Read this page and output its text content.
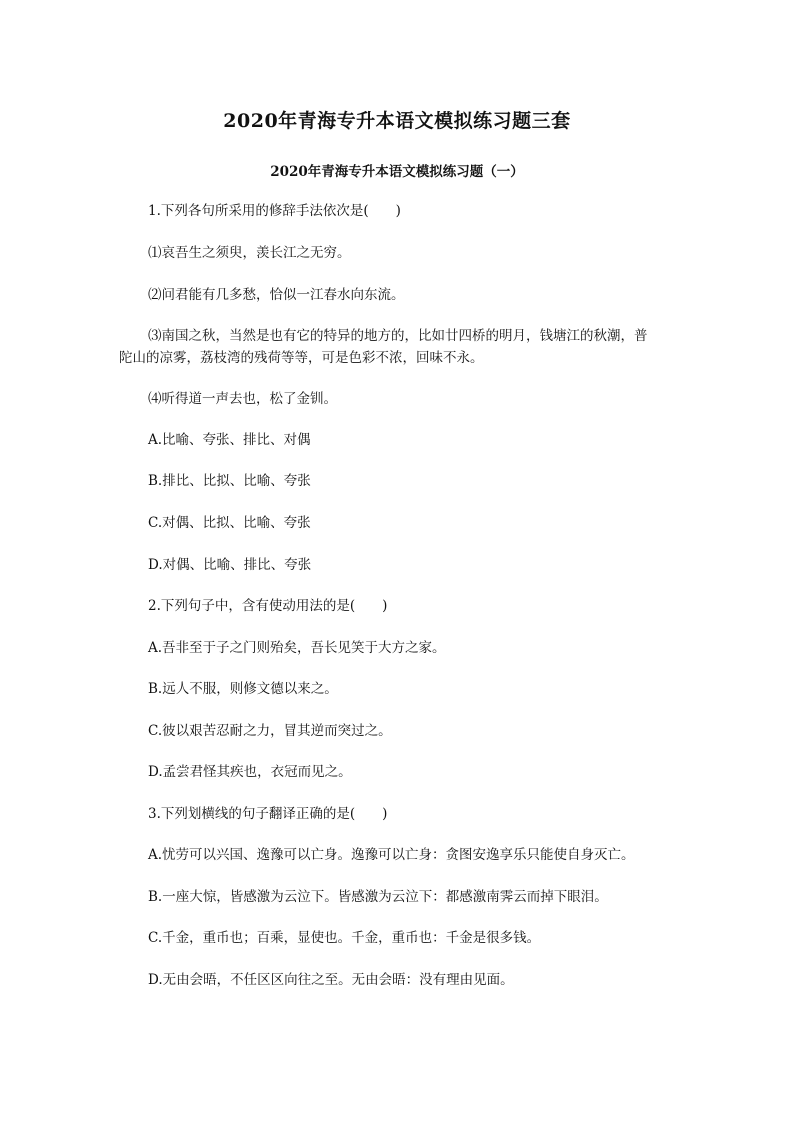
2020年青海专升本语文模拟练习题三套
2020年青海专升本语文模拟练习题（一）
1.下列各句所采用的修辞手法依次是(　　)
⑴哀吾生之须臾，羡长江之无穷。
⑵问君能有几多愁，恰似一江春水向东流。
⑶南国之秋，当然是也有它的特异的地方的，比如廿四桥的明月，钱塘江的秋潮，普
陀山的凉雾，荔枝湾的残荷等等，可是色彩不浓，回味不永。
⑷听得道一声去也，松了金钏。
A.比喻、夸张、排比、对偶
B.排比、比拟、比喻、夸张
C.对偶、比拟、比喻、夸张
D.对偶、比喻、排比、夸张
2.下列句子中，含有使动用法的是(　　)
A.吾非至于子之门则殆矣，吾长见笑于大方之家。
B.远人不服，则修文德以来之。
C.彼以艰苦忍耐之力，冒其逆而突过之。
D.孟尝君怪其疾也，衣冠而见之。
3.下列划横线的句子翻译正确的是(　　)
A.忧劳可以兴国、逸豫可以亡身。逸豫可以亡身：贪图安逸享乐只能使自身灭亡。
B.一座大惊，皆感激为云泣下。皆感激为云泣下：都感激南霁云而掉下眼泪。
C.千金，重币也；百乘，显使也。千金，重币也：千金是很多钱。
D.无由会晤，不任区区向往之至。无由会晤：没有理由见面。
